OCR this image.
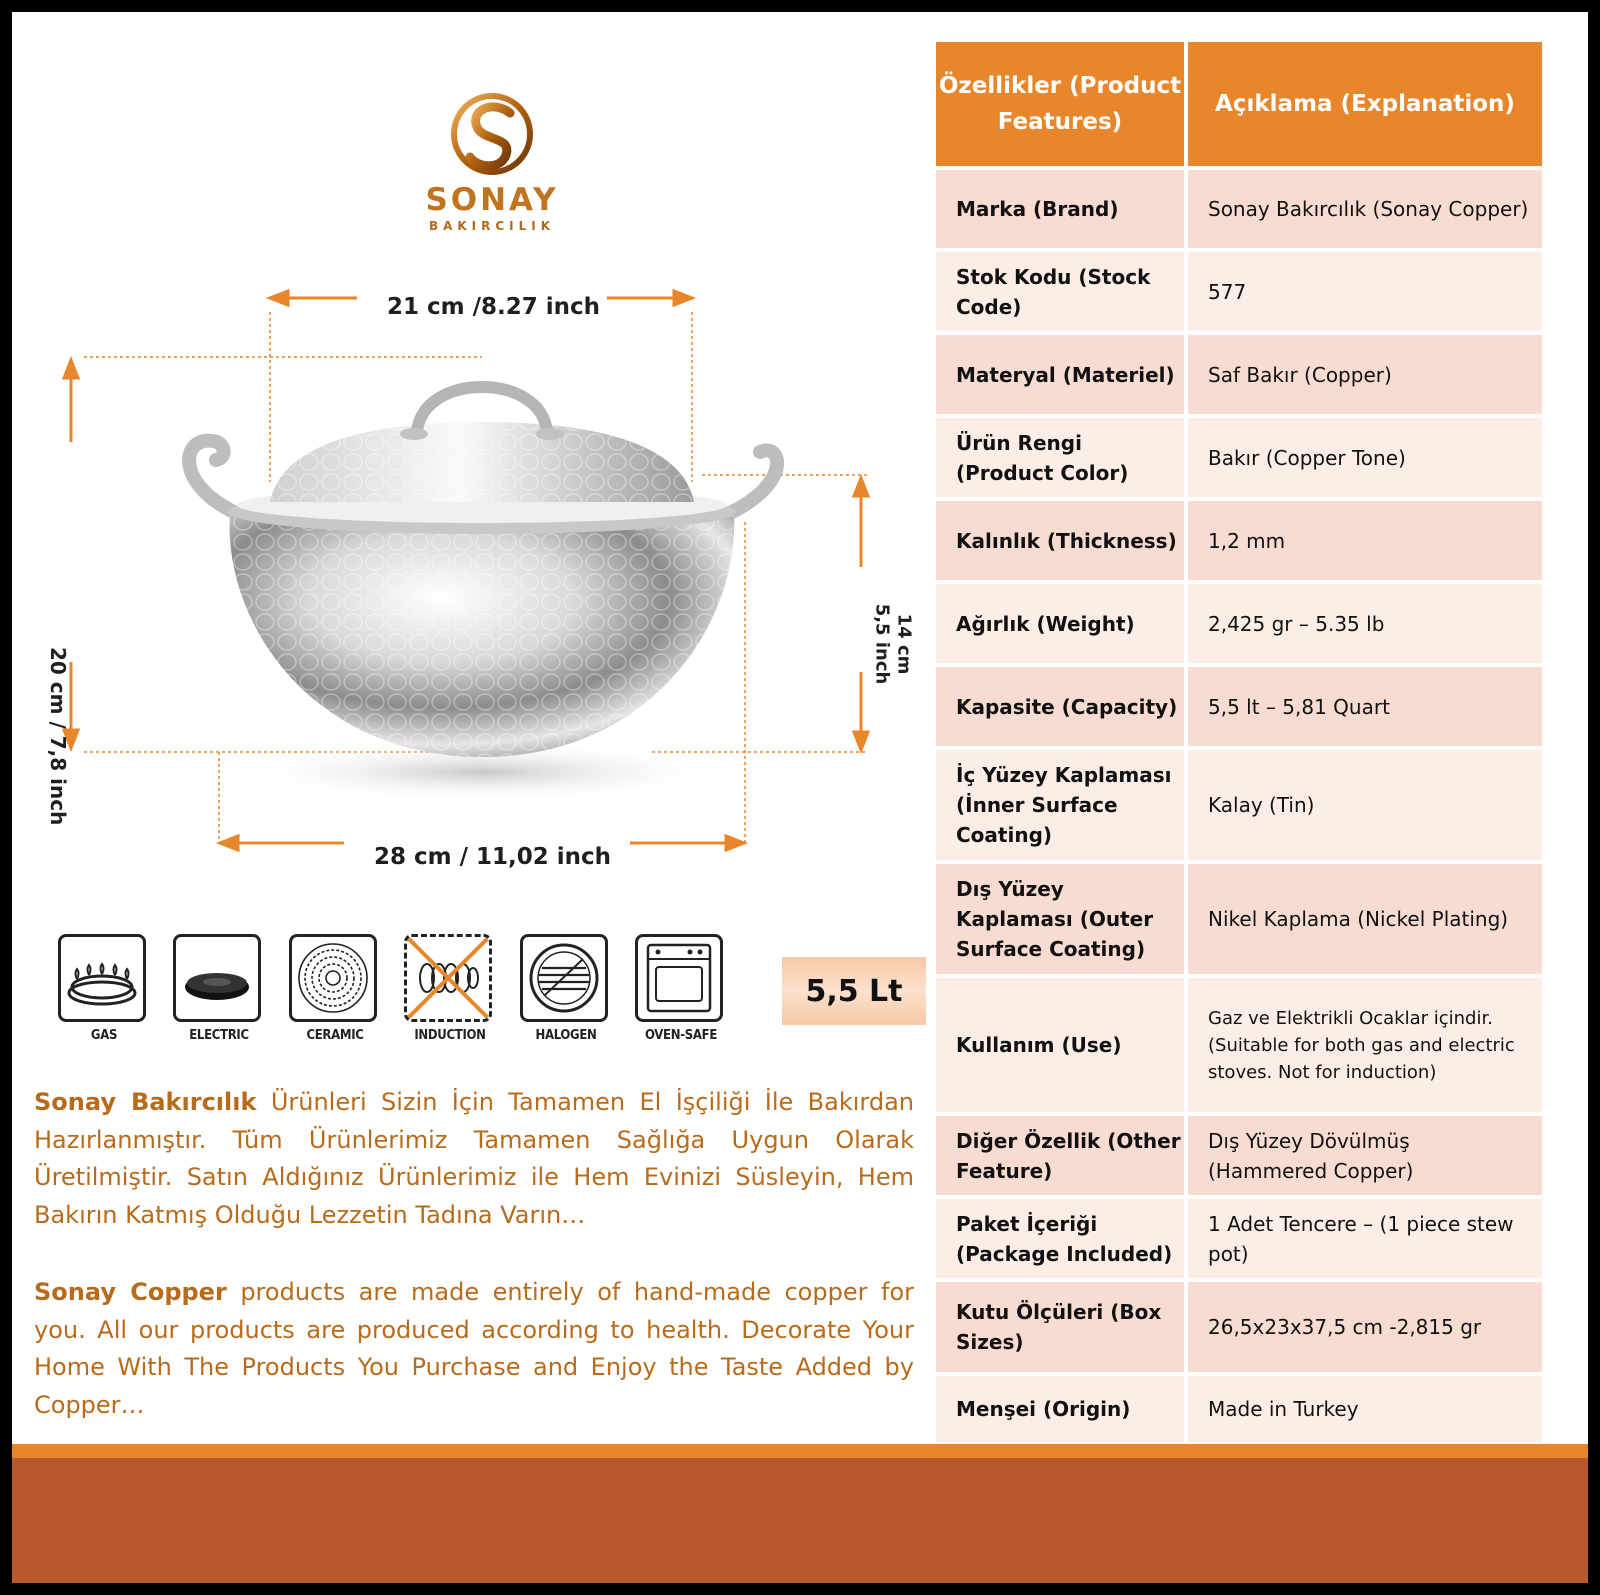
SONAY
BAKIRCILIK
21 cm /8.27 inch
28 cm / 11,02 inch
20 cm / 7,8 inch
14 cm
5,5 inch
GAS	ELECTRIC	CERAMIC	INDUCTION	HALOGEN	OVEN-SAFE
5,5 Lt

Sonay Bakırcılık Ürünleri Sizin İçin Tamamen El İşçiliği İle Bakırdan Hazırlanmıştır. Tüm Ürünlerimiz Tamamen Sağlığa Uygun Olarak Üretilmiştir. Satın Aldığınız Ürünlerimiz ile Hem Evinizi Süsleyin, Hem Bakırın Katmış Olduğu Lezzetin Tadına Varın…

Sonay Copper products are made entirely of hand-made copper for you. All our products are produced according to health. Decorate Your Home With The Products You Purchase and Enjoy the Taste Added by Copper…

Özellikler (Product Features)	Açıklama (Explanation)
Marka (Brand)	Sonay Bakırcılık (Sonay Copper)
Stok Kodu (Stock Code)	577
Materyal (Materiel)	Saf Bakır (Copper)
Ürün Rengi (Product Color)	Bakır (Copper Tone)
Kalınlık (Thickness)	1,2 mm
Ağırlık (Weight)	2,425 gr – 5.35 lb
Kapasite (Capacity)	5,5 lt – 5,81 Quart
İç Yüzey Kaplaması (İnner Surface Coating)	Kalay (Tin)
Dış Yüzey Kaplaması (Outer Surface Coating)	Nikel Kaplama (Nickel Plating)
Kullanım (Use)	Gaz ve Elektrikli Ocaklar içindir. (Suitable for both gas and electric stoves. Not for induction)
Diğer Özellik (Other Feature)	Dış Yüzey Dövülmüş (Hammered Copper)
Paket İçeriği (Package Included)	1 Adet Tencere – (1 piece stew pot)
Kutu Ölçüleri (Box Sizes)	26,5x23x37,5 cm -2,815 gr
Menşei (Origin)	Made in Turkey
